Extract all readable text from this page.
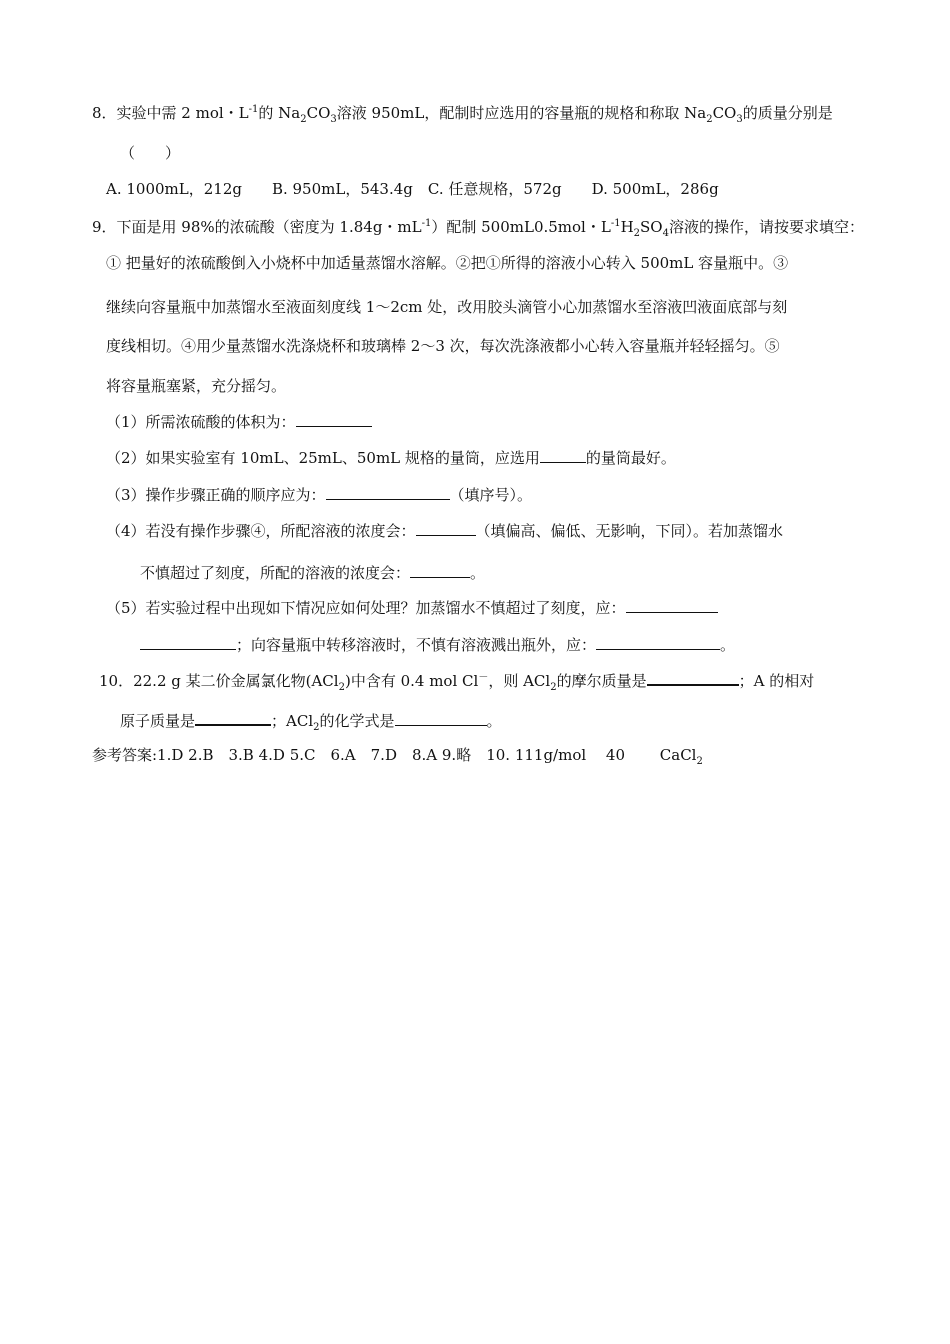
8．实验中需 2 mol・$L^{-1}$的 $Na_2CO_3$溶液 950mL，配制时应选用的容量瓶的规格和称取 $Na_2CO_3$的质量分别是
（　　）
A. 1000mL，212g　　B. 950mL，543.4g　C. 任意规格，572g　　D. 500mL，286g
9．下面是用 98%的浓硫酸（密度为 1.84g・$mL^{-1}$）配制 500mL0.5mol・$L^{-1}H_2SO_4$溶液的操作，请按要求填空：
① 把量好的浓硫酸倒入小烧杯中加适量蒸馏水溶解。②把①所得的溶液小心转入 500mL 容量瓶中。③
继续向容量瓶中加蒸馏水至液面刻度线 1～2cm 处，改用胶头滴管小心加蒸馏水至溶液凹液面底部与刻
度线相切。④用少量蒸馏水洗涤烧杯和玻璃棒 2～3 次，每次洗涤液都小心转入容量瓶并轻轻摇匀。⑤
将容量瓶塞紧，充分摇匀。
（1）所需浓硫酸的体积为：
（2）如果实验室有 10mL、25mL、50mL 规格的量筒，应选用	的量筒最好。
（3）操作步骤正确的顺序应为：	（填序号）。
（4）若没有操作步骤④，所配溶液的浓度会：	（填偏高、偏低、无影响，下同）。若加蒸馏水
不慎超过了刻度，所配的溶液的浓度会：	。
（5）若实验过程中出现如下情况应如何处理？加蒸馏水不慎超过了刻度，应：
；向容量瓶中转移溶液时，不慎有溶液溅出瓶外，应：	。
10．22.2 g 某二价金属氯化物(ACl$_2$)中含有 0.4 mol Cl－，则 ACl$_2$的摩尔质量是	；A 的相对
原子质量是	；ACl$_2$的化学式是	。
参考答案:1.D 2.B　3.B 4.D 5.C　6.A　7.D　8.A 9.略　10. 111g/mol　 40　　 CaCl$_2$
